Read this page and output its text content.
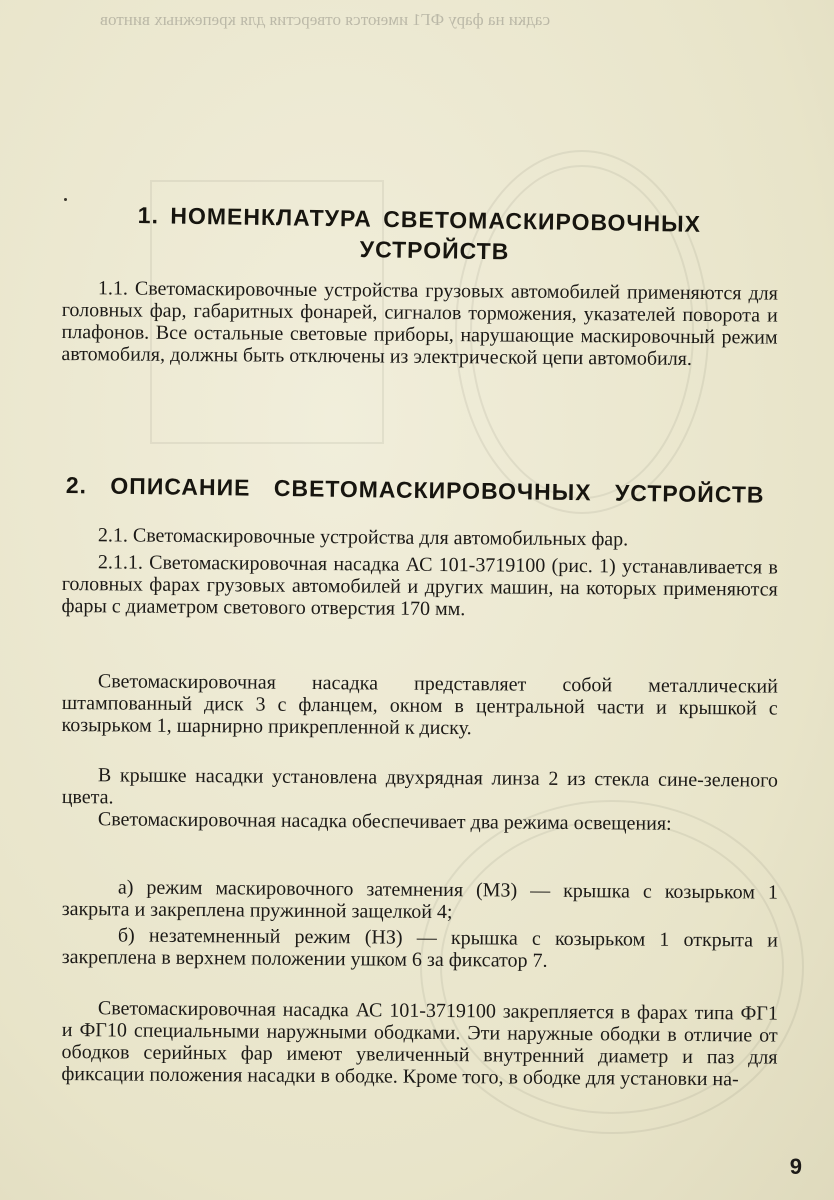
садки на фару ФГ1 имеются отверстия для крепежных винтов
1. НОМЕНКЛАТУРА СВЕТОМАСКИРОВОЧНЫХ
УСТРОЙСТВ

1.1. Светомаскировочные устройства грузовых автомобилей применяются для головных фар, габаритных фонарей, сигналов торможения, указателей поворота и плафонов. Все остальные световые приборы, нарушающие маскировочный режим автомобиля, должны быть отключены из электрической цепи автомобиля.

2. ОПИСАНИЕ СВЕТОМАСКИРОВОЧНЫХ УСТРОЙСТВ

2.1. Светомаскировочные устройства для автомобильных фар.

2.1.1. Светомаскировочная насадка АС 101-3719100 (рис. 1) устанавливается в головных фарах грузовых автомобилей и других машин, на которых применяются фары с диаметром светового отверстия 170 мм.

Светомаскировочная насадка представляет собой металлический штампованный диск 3 с фланцем, окном в центральной части и крышкой с козырьком 1, шарнирно прикрепленной к диску.

В крышке насадки установлена двухрядная линза 2 из стекла сине-зеленого цвета.

Светомаскировочная насадка обеспечивает два режима освещения:

а) режим маскировочного затемнения (МЗ) — крышка с козырьком 1 закрыта и закреплена пружинной защелкой 4;

б) незатемненный режим (НЗ) — крышка с козырьком 1 открыта и закреплена в верхнем положении ушком 6 за фиксатор 7.

Светомаскировочная насадка АС 101-3719100 закрепляется в фарах типа ФГ1 и ФГ10 специальными наружными ободками. Эти наружные ободки в отличие от ободков серийных фар имеют увеличенный внутренний диаметр и паз для фиксации положения насадки в ободке. Кроме того, в ободке для установки на-

9
